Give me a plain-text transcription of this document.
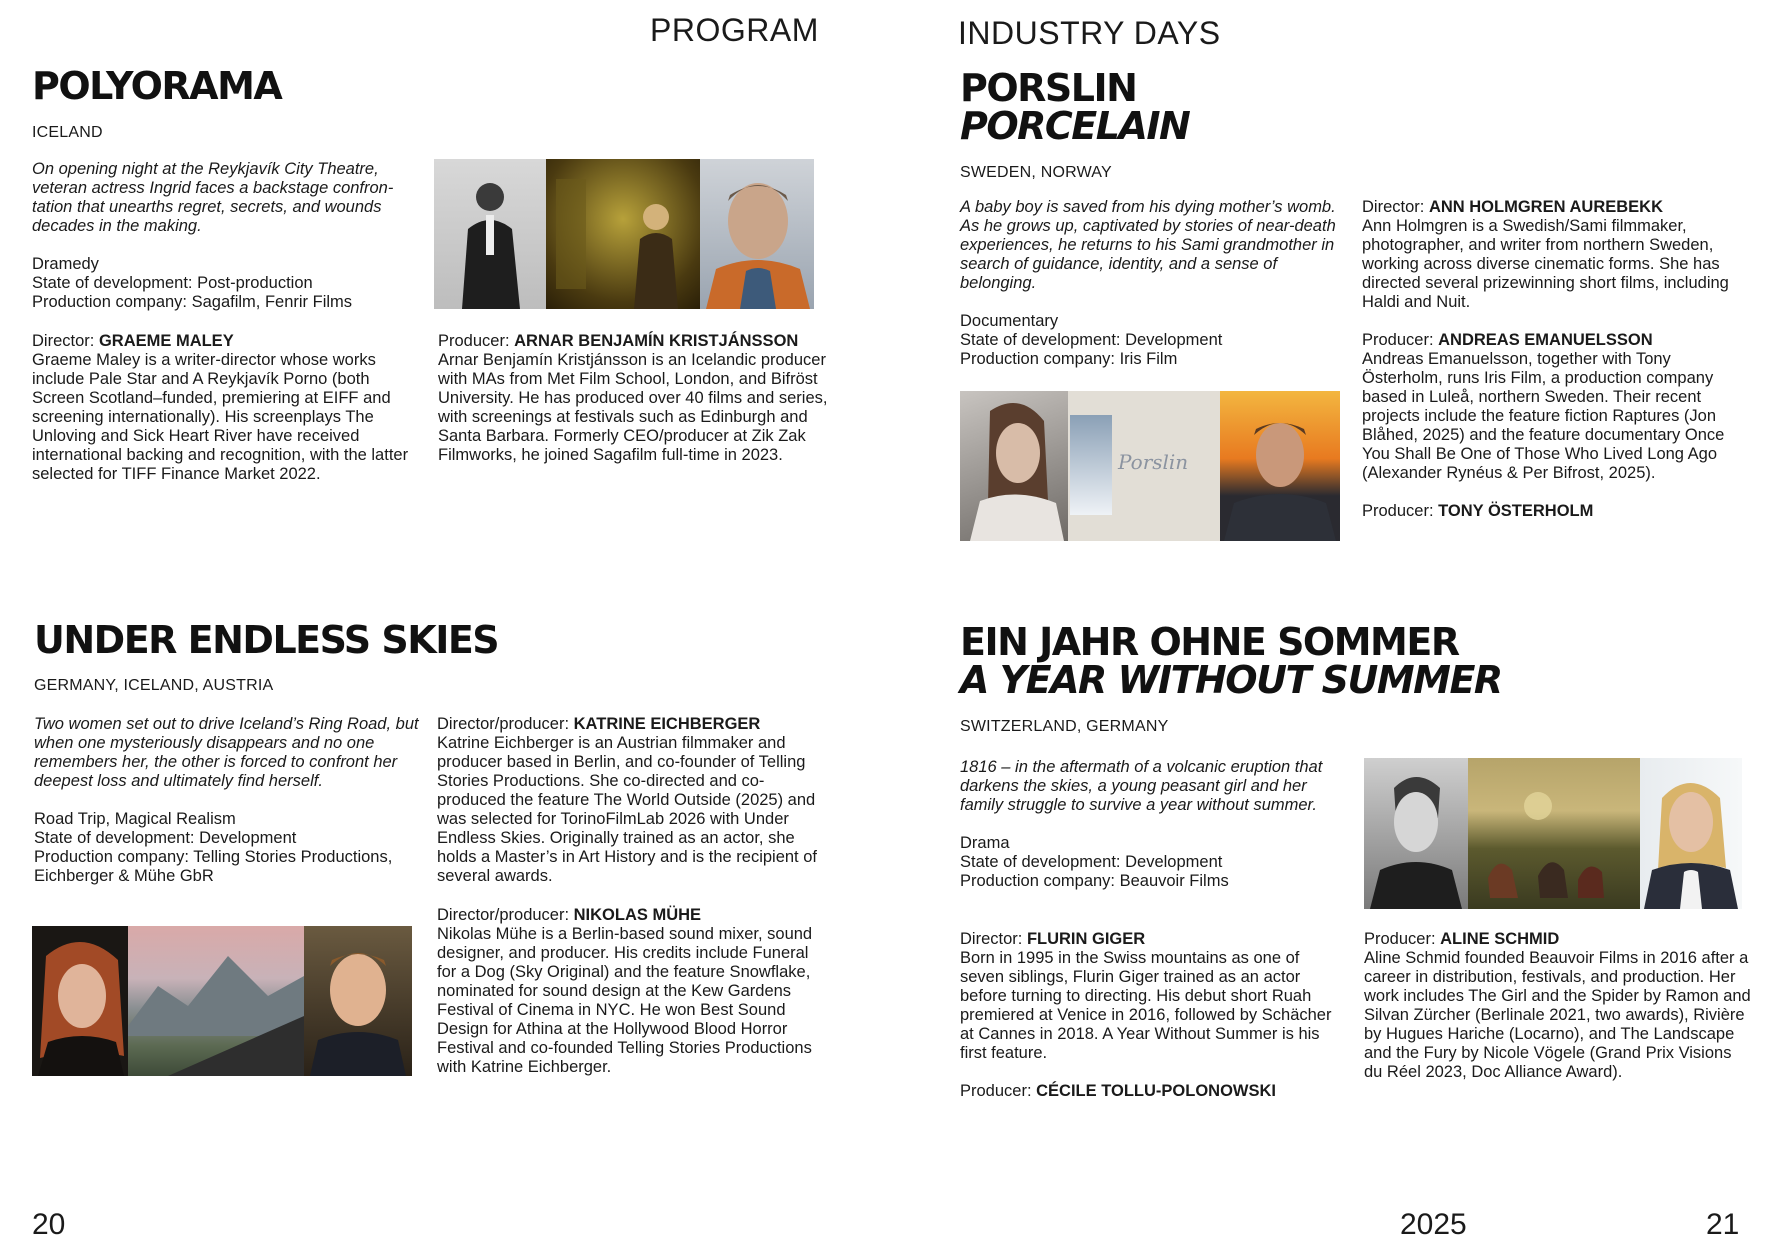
PROGRAM	INDUSTRY DAYS
POLYORAMA
ICELAND

On opening night at the Reykjavík City Theatre, veteran actress Ingrid faces a backstage confron-tation that unearths regret, secrets, and wounds decades in the making.

Dramedy
State of development: Post-production
Production company: Sagafilm, Fenrir Films
Director: GRAEME MALEY
Graeme Maley is a writer-director whose works include Pale Star and A Reykjavík Porno (both Screen Scotland–funded, premiering at EIFF and screening internationally). His screenplays The Unloving and Sick Heart River have received international backing and recognition, with the latter selected for TIFF Finance Market 2022.
Producer: ARNAR BENJAMÍN KRISTJÁNSSON
Arnar Benjamín Kristjánsson is an Icelandic producer with MAs from Met Film School, London, and Bifröst University. He has produced over 40 films and series, with screenings at festivals such as Edinburgh and Santa Barbara. Formerly CEO/producer at Zik Zak Filmworks, he joined Sagafilm full-time in 2023.
PORSLIN
PORCELAIN
SWEDEN, NORWAY

A baby boy is saved from his dying mother’s womb. As he grows up, captivated by stories of near-death experiences, he returns to his Sami grandmother in search of guidance, identity, and a sense of belonging.

Documentary
State of development: Development
Production company: Iris Film
Porslin
Director: ANN HOLMGREN AUREBEKK
Ann Holmgren is a Swedish/Sami filmmaker, photographer, and writer from northern Sweden, working across diverse cinematic forms. She has directed several prizewinning short films, including Haldi and Nuit.
Producer: ANDREAS EMANUELSSON
Andreas Emanuelsson, together with Tony Österholm, runs Iris Film, a production company based in Luleå, northern Sweden. Their recent projects include the feature fiction Raptures (Jon Blåhed, 2025) and the feature documentary Once You Shall Be One of Those Who Lived Long Ago (Alexander Rynéus & Per Bifrost, 2025).
Producer: TONY ÖSTERHOLM
UNDER ENDLESS SKIES
GERMANY, ICELAND, AUSTRIA

Two women set out to drive Iceland’s Ring Road, but when one mysteriously disappears and no one remembers her, the other is forced to confront her deepest loss and ultimately find herself.

Road Trip, Magical Realism
State of development: Development
Production company: Telling Stories Productions, Eichberger & Mühe GbR
Director/producer: KATRINE EICHBERGER
Katrine Eichberger is an Austrian filmmaker and producer based in Berlin, and co-founder of Telling Stories Productions. She co-directed and co-produced the feature The World Outside (2025) and was selected for TorinoFilmLab 2026 with Under Endless Skies. Originally trained as an actor, she holds a Master’s in Art History and is the recipient of several awards.
Director/producer: NIKOLAS MÜHE
Nikolas Mühe is a Berlin-based sound mixer, sound designer, and producer. His credits include Funeral for a Dog (Sky Original) and the feature Snowflake, nominated for sound design at the Kew Gardens Festival of Cinema in NYC. He won Best Sound Design for Athina at the Hollywood Blood Horror Festival and co-founded Telling Stories Productions with Katrine Eichberger.
EIN JAHR OHNE SOMMER
A YEAR WITHOUT SUMMER
SWITZERLAND, GERMANY

1816 – in the aftermath of a volcanic eruption that darkens the skies, a young peasant girl and her family struggle to survive a year without summer.

Drama
State of development: Development
Production company: Beauvoir Films
Director: FLURIN GIGER
Born in 1995 in the Swiss mountains as one of seven siblings, Flurin Giger trained as an actor before turning to directing. His debut short Ruah premiered at Venice in 2016, followed by Schächer at Cannes in 2018. A Year Without Summer is his first feature.
Producer: CÉCILE TOLLU-POLONOWSKI
Producer: ALINE SCHMID
Aline Schmid founded Beauvoir Films in 2016 after a career in distribution, festivals, and production. Her work includes The Girl and the Spider by Ramon and Silvan Zürcher (Berlinale 2021, two awards), Rivière by Hugues Hariche (Locarno), and The Landscape and the Fury by Nicole Vögele (Grand Prix Visions du Réel 2023, Doc Alliance Award).
20	2025	21
